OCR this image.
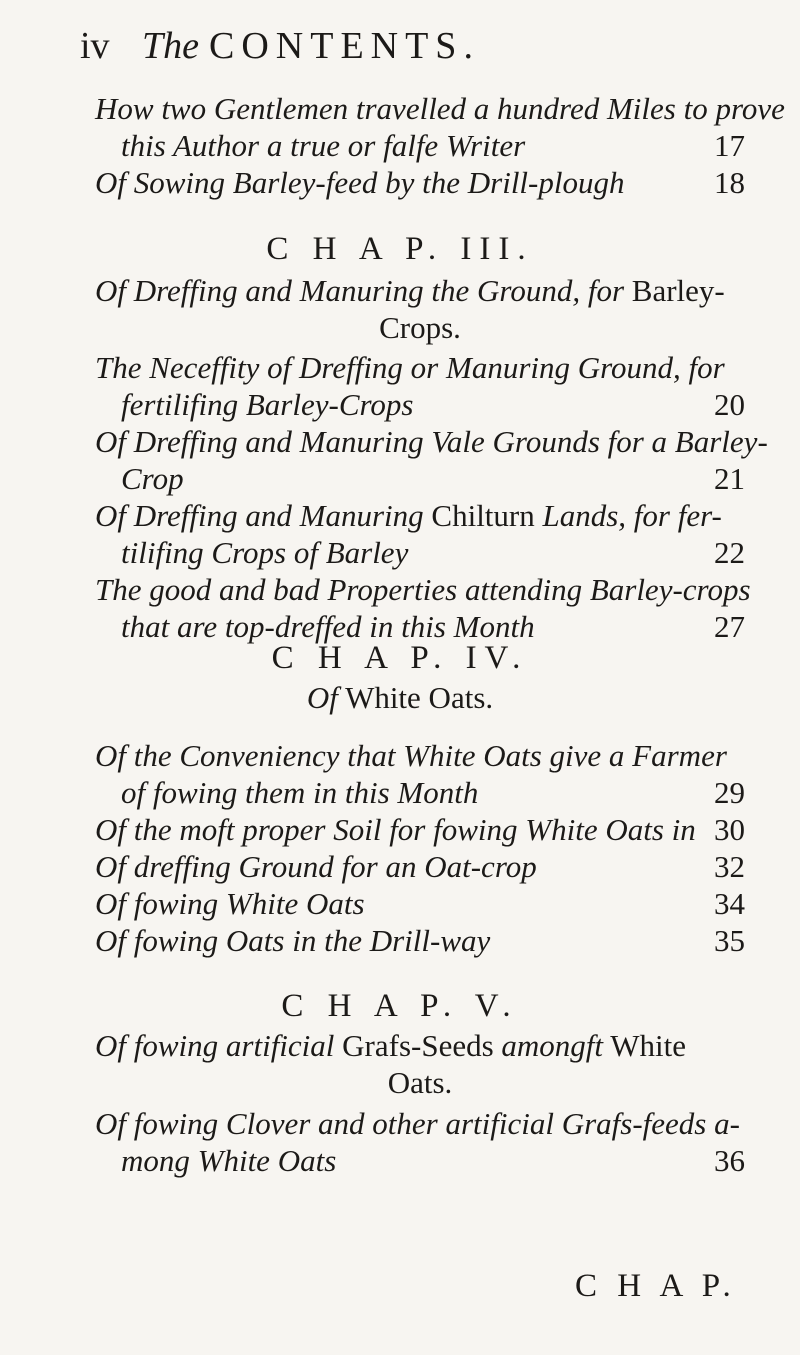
iv The CONTENTS.
How two Gentlemen travelled a hundred Miles to prove
this Author a true or falfe Writer	17
Of Sowing Barley-feed by the Drill-plough	18
C H A P. III.
Of Dreffing and Manuring the Ground, for Barley-
Crops.
The Neceffity of Dreffing or Manuring Ground, for
fertilifing Barley-Crops	20
Of Dreffing and Manuring Vale Grounds for a Barley-
Crop	21
Of Dreffing and Manuring Chilturn Lands, for fer-
tilifing Crops of Barley	22
The good and bad Properties attending Barley-crops
that are top-dreffed in this Month	27
C H A P. IV.
Of White Oats.
Of the Conveniency that White Oats give a Farmer
of fowing them in this Month	29
Of the moft proper Soil for fowing White Oats in 30
Of dreffing Ground for an Oat-crop	32
Of fowing White Oats	34
Of fowing Oats in the Drill-way	35
C H A P. V.
Of fowing artificial Grafs-Seeds amongft White
Oats.
Of fowing Clover and other artificial Grafs-feeds a-
mong White Oats	36
C H A P.
